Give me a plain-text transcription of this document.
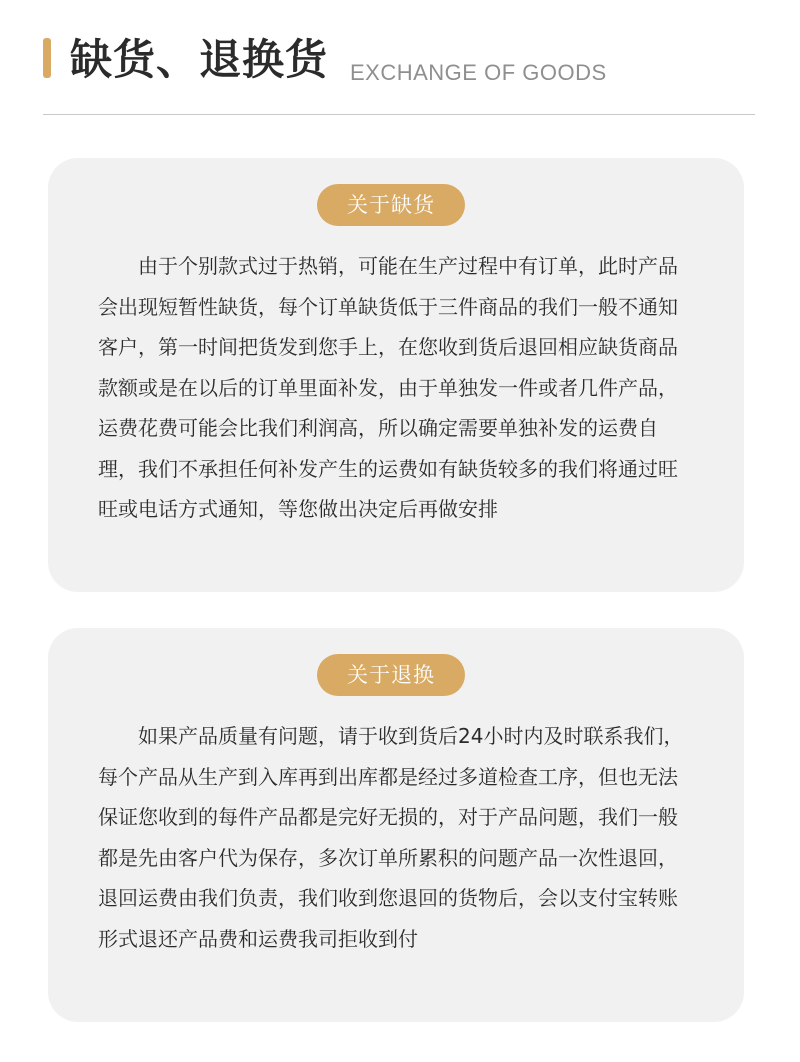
缺货、退换货 EXCHANGE OF GOODS
关于缺货

由于个别款式过于热销，可能在生产过程中有订单，此时产品会出现短暂性缺货，每个订单缺货低于三件商品的我们一般不通知客户，第一时间把货发到您手上，在您收到货后退回相应缺货商品款额或是在以后的订单里面补发，由于单独发一件或者几件产品，运费花费可能会比我们利润高，所以确定需要单独补发的运费自理，我们不承担任何补发产生的运费如有缺货较多的我们将通过旺旺或电话方式通知，等您做出决定后再做安排

关于退换

如果产品质量有问题，请于收到货后24小时内及时联系我们，每个产品从生产到入库再到出库都是经过多道检查工序，但也无法保证您收到的每件产品都是完好无损的，对于产品问题，我们一般都是先由客户代为保存，多次订单所累积的问题产品一次性退回，退回运费由我们负责，我们收到您退回的货物后，会以支付宝转账形式退还产品费和运费我司拒收到付
